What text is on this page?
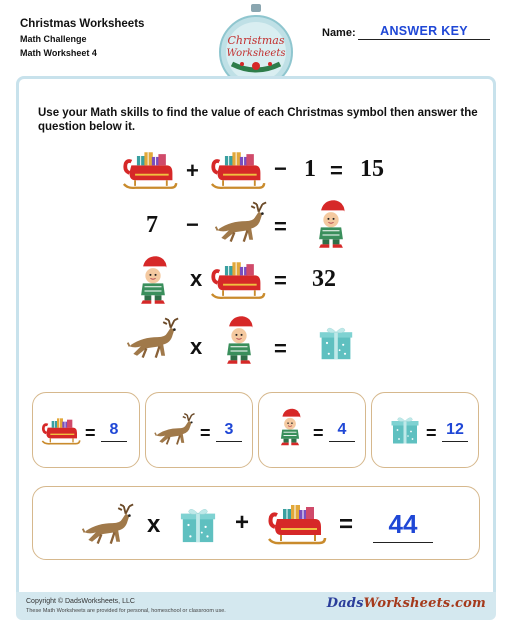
Christmas Worksheets
Math Challenge
Math Worksheet 4
Christmas
Worksheets
Name:	ANSWER KEY
Use your Math skills to find the value of each Christmas symbol then answer the question below it.
+	− 1 = 15
7 −	=
x	= 32
x	=
= 8	= 3	= 4	= 12
x	+	=	44
Copyright © DadsWorksheets, LLC
These Math Worksheets are provided for personal, homeschool or classroom use.	DadsWorksheets.com
